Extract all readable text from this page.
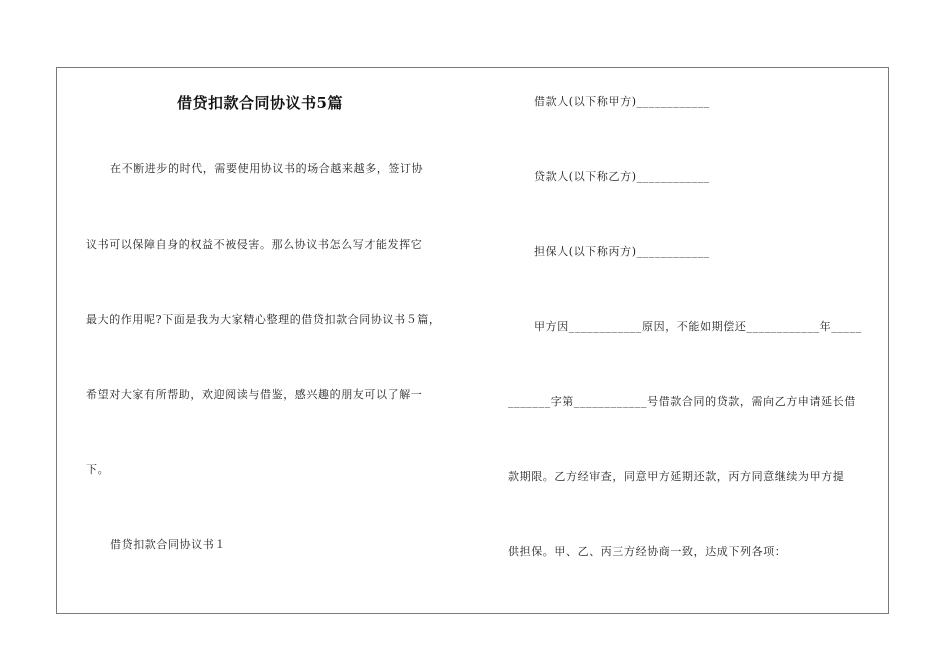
借贷扣款合同协议书5篇
在不断进步的时代，需要使用协议书的场合越来越多，签订协
议书可以保障自身的权益不被侵害。那么协议书怎么写才能发挥它
最大的作用呢?下面是我为大家精心整理的借贷扣款合同协议书５篇，
希望对大家有所帮助，欢迎阅读与借鉴，感兴趣的朋友可以了解一
下。
借贷扣款合同协议书１
借款人(以下称甲方)____________
贷款人(以下称乙方)____________
担保人(以下称丙方)____________
甲方因____________原因，不能如期偿还____________年_____
_______字第____________号借款合同的贷款，需向乙方申请延长借
款期限。乙方经审查，同意甲方延期还款，丙方同意继续为甲方提
供担保。甲、乙、丙三方经协商一致，达成下列各项：
